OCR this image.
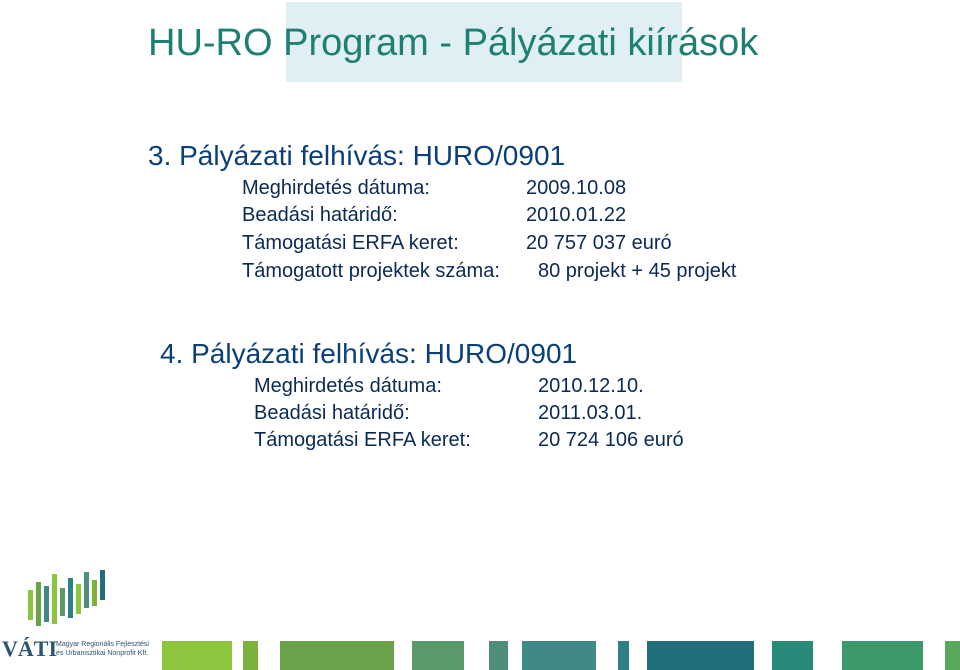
HU-RO Program - Pályázati kiírások
3. Pályázati felhívás: HURO/0901
Meghirdetés dátuma:	2009.10.08
Beadási határidő:	2010.01.22
Támogatási ERFA keret:	20 757 037 euró
Támogatott projektek száma: 80 projekt + 45 projekt
4. Pályázati felhívás: HURO/0901
Meghirdetés dátuma:	2010.12.10.
Beadási határidő:	2011.03.01.
Támogatási ERFA keret:	20 724 106 euró
VÁTI
Magyar Regionális Fejlesztési
és Urbanisztikai Nonprofit Kft.
